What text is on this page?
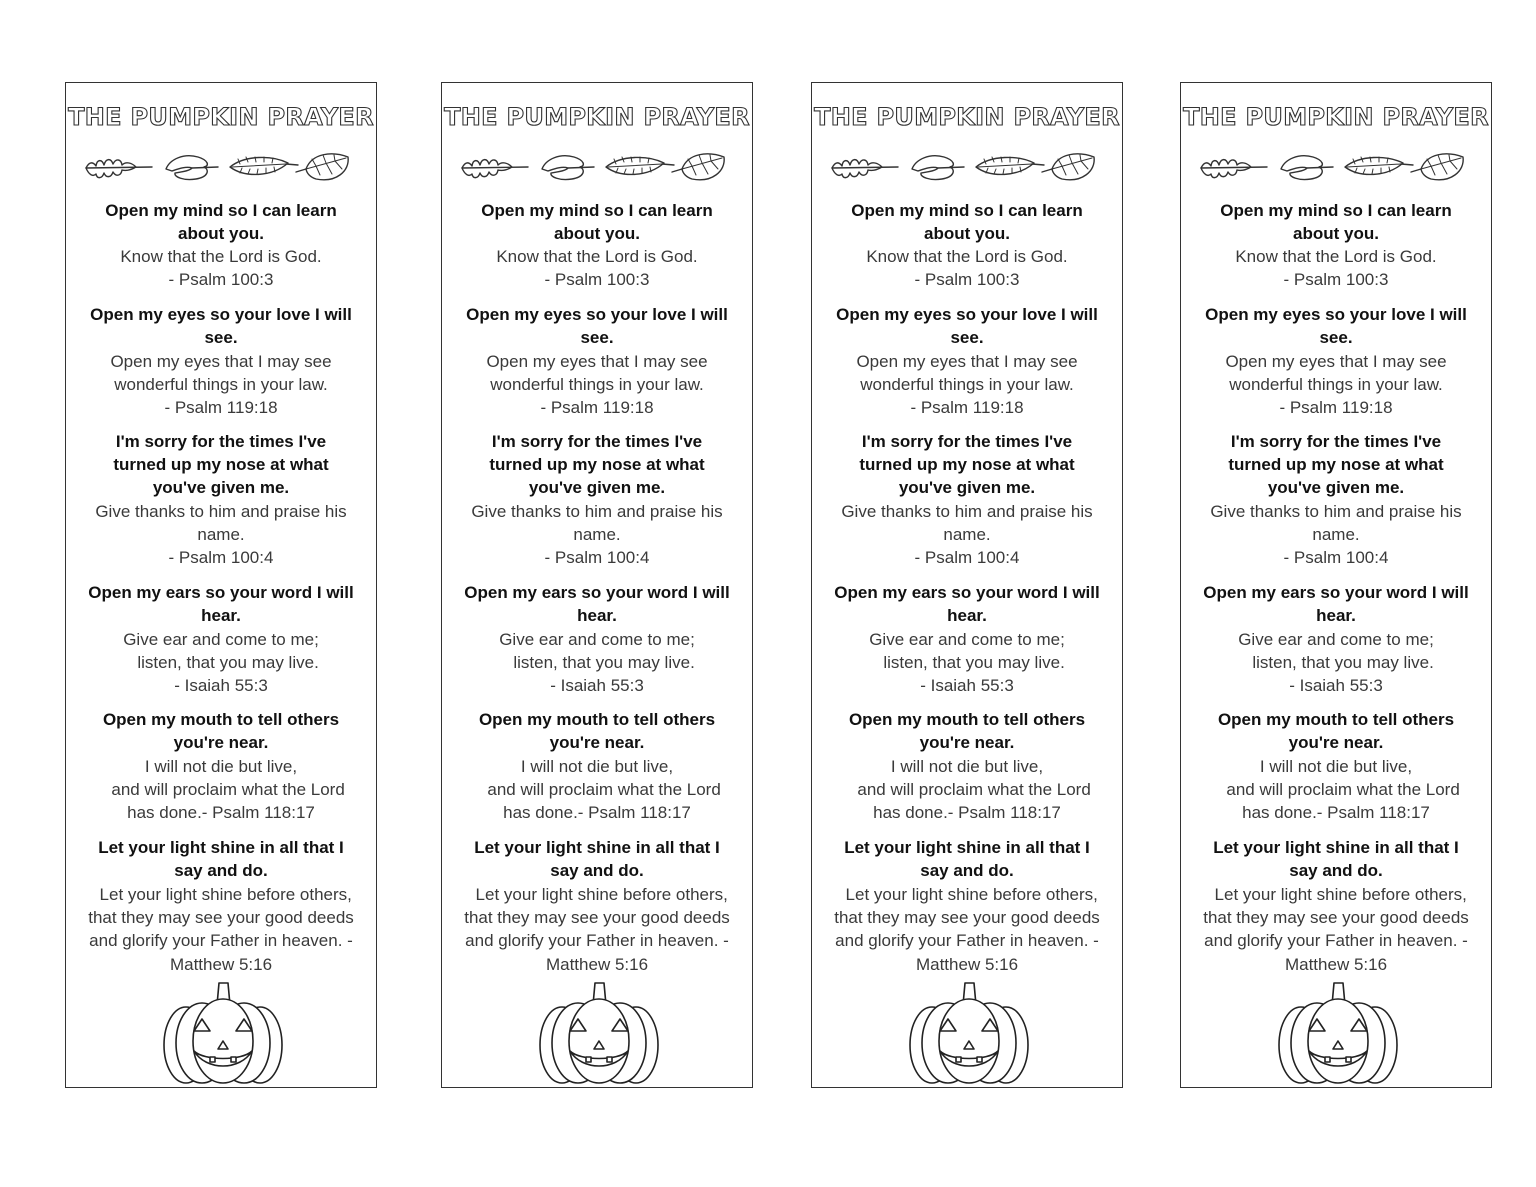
THE PUMPKIN PRAYER
Open my mind so I can learn
about you.
Know that the Lord is God.
- Psalm 100:3
Open my eyes so your love I will
see.
Open my eyes that I may see
wonderful things in your law.
- Psalm 119:18
I'm sorry for the times I've
turned up my nose at what
you've given me.
Give thanks to him and praise his
name.
- Psalm 100:4
Open my ears so your word I will
hear.
Give ear and come to me;
listen, that you may live.
- Isaiah 55:3
Open my mouth to tell others
you're near.
I will not die but live,
and will proclaim what the Lord
has done.- Psalm 118:17
Let your light shine in all that I
say and do.
Let your light shine before others,
that they may see your good deeds
and glorify your Father in heaven. -
Matthew 5:16
THE PUMPKIN PRAYER
Open my mind so I can learn
about you.
Know that the Lord is God.
- Psalm 100:3
Open my eyes so your love I will
see.
Open my eyes that I may see
wonderful things in your law.
- Psalm 119:18
I'm sorry for the times I've
turned up my nose at what
you've given me.
Give thanks to him and praise his
name.
- Psalm 100:4
Open my ears so your word I will
hear.
Give ear and come to me;
listen, that you may live.
- Isaiah 55:3
Open my mouth to tell others
you're near.
I will not die but live,
and will proclaim what the Lord
has done.- Psalm 118:17
Let your light shine in all that I
say and do.
Let your light shine before others,
that they may see your good deeds
and glorify your Father in heaven. -
Matthew 5:16
THE PUMPKIN PRAYER
Open my mind so I can learn
about you.
Know that the Lord is God.
- Psalm 100:3
Open my eyes so your love I will
see.
Open my eyes that I may see
wonderful things in your law.
- Psalm 119:18
I'm sorry for the times I've
turned up my nose at what
you've given me.
Give thanks to him and praise his
name.
- Psalm 100:4
Open my ears so your word I will
hear.
Give ear and come to me;
listen, that you may live.
- Isaiah 55:3
Open my mouth to tell others
you're near.
I will not die but live,
and will proclaim what the Lord
has done.- Psalm 118:17
Let your light shine in all that I
say and do.
Let your light shine before others,
that they may see your good deeds
and glorify your Father in heaven. -
Matthew 5:16
THE PUMPKIN PRAYER
Open my mind so I can learn
about you.
Know that the Lord is God.
- Psalm 100:3
Open my eyes so your love I will
see.
Open my eyes that I may see
wonderful things in your law.
- Psalm 119:18
I'm sorry for the times I've
turned up my nose at what
you've given me.
Give thanks to him and praise his
name.
- Psalm 100:4
Open my ears so your word I will
hear.
Give ear and come to me;
listen, that you may live.
- Isaiah 55:3
Open my mouth to tell others
you're near.
I will not die but live,
and will proclaim what the Lord
has done.- Psalm 118:17
Let your light shine in all that I
say and do.
Let your light shine before others,
that they may see your good deeds
and glorify your Father in heaven. -
Matthew 5:16
